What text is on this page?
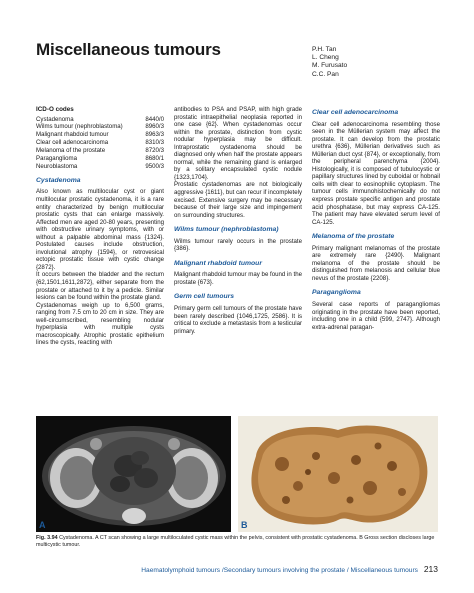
Miscellaneous tumours	P.H. Tan
L. Cheng
M. Furusato
C.C. Pan
ICD-O codes
Cystadenoma	8440/0
Wilms tumour (nephroblastoma)	8960/3
Malignant rhabdoid tumour	8963/3
Clear cell adenocarcinoma	8310/3
Melanoma of the prostate	8720/3
Paraganglioma	8680/1
Neuroblastoma	9500/3
Cystadenoma

Also known as multilocular cyst or giant multilocular prostatic cystadenoma, it is a rare entity characterized by benign multilocular prostatic cysts that can enlarge massively. Affected men are aged 20-80 years, presenting with obstructive urinary symptoms, with or without a palpable abdominal mass {1324}. Postulated causes include obstruction, involutional atrophy {1594}, or retrovesical ectopic prostatic tissue with cystic change {2872}.

It occurs between the bladder and the rectum {62,1501,1611,2872}, either separate from the prostate or attached to it by a pedicle. Similar lesions can be found within the prostate gland.

Cystadenomas weigh up to 6,500 grams, ranging from 7.5 cm to 20 cm in size. They are well-circumscribed, resembling nodular hyperplasia with multiple cysts macroscopically. Atrophic prostatic epithelium lines the cysts, reacting with

antibodies to PSA and PSAP, with high grade prostatic intraepithelial neoplasia reported in one case {62}. When cystadenomas occur within the prostate, distinction from cystic nodular hyperplasia may be difficult. Intraprostatic cystadenoma should be diagnosed only when half the prostate appears normal, while the remaining gland is enlarged by a solitary encapsulated cystic nodule {1323,1704}.

Prostatic cystadenomas are not biologically aggressive {1611}, but can recur if incompletely excised. Extensive surgery may be necessary because of their large size and impingement on surrounding structures.

Wilms tumour (nephroblastoma)

Wilms tumour rarely occurs in the prostate {386}.

Malignant rhabdoid tumour

Malignant rhabdoid tumour may be found in the prostate {673}.

Germ cell tumours

Primary germ cell tumours of the prostate have been rarely described {1046,1725, 2586}. It is critical to exclude a metastasis from a testicular primary.

Clear cell adenocarcinoma

Clear cell adenocarcinoma resembling those seen in the Müllerian system may affect the prostate. It can develop from the prostatic urethra {636}, Müllerian derivatives such as Müllerian duct cyst {874}, or exceptionally, from the peripheral parenchyma {2004}. Histologically, it is composed of tubulocystic or papillary structures lined by cuboidal or hobnail cells with clear to eosinophilic cytoplasm. The tumour cells immunohistochemically do not express prostate specific antigen and prostate acid phosphatase, but may express CA-125. The patient may have elevated serum level of CA-125.

Melanoma of the prostate

Primary malignant melanomas of the prostate are extremely rare {2490}. Malignant melanoma of the prostate should be distinguished from melanosis and cellular blue nevus of the prostate {2208}.

Paraganglioma

Several case reports of paragangliomas originating in the prostate have been reported, including one in a child {599, 2747}. Although extra-adrenal paragan-

A	B
Fig. 3.94 Cystadenoma. A CT scan showing a large multiloculated cystic mass within the pelvis, consistent with prostatic cystadenoma. B Gross section discloses large multicystic tumour.
Haematolymphoid tumours /Secondary tumours involving the prostate / Miscellaneous tumours 213
